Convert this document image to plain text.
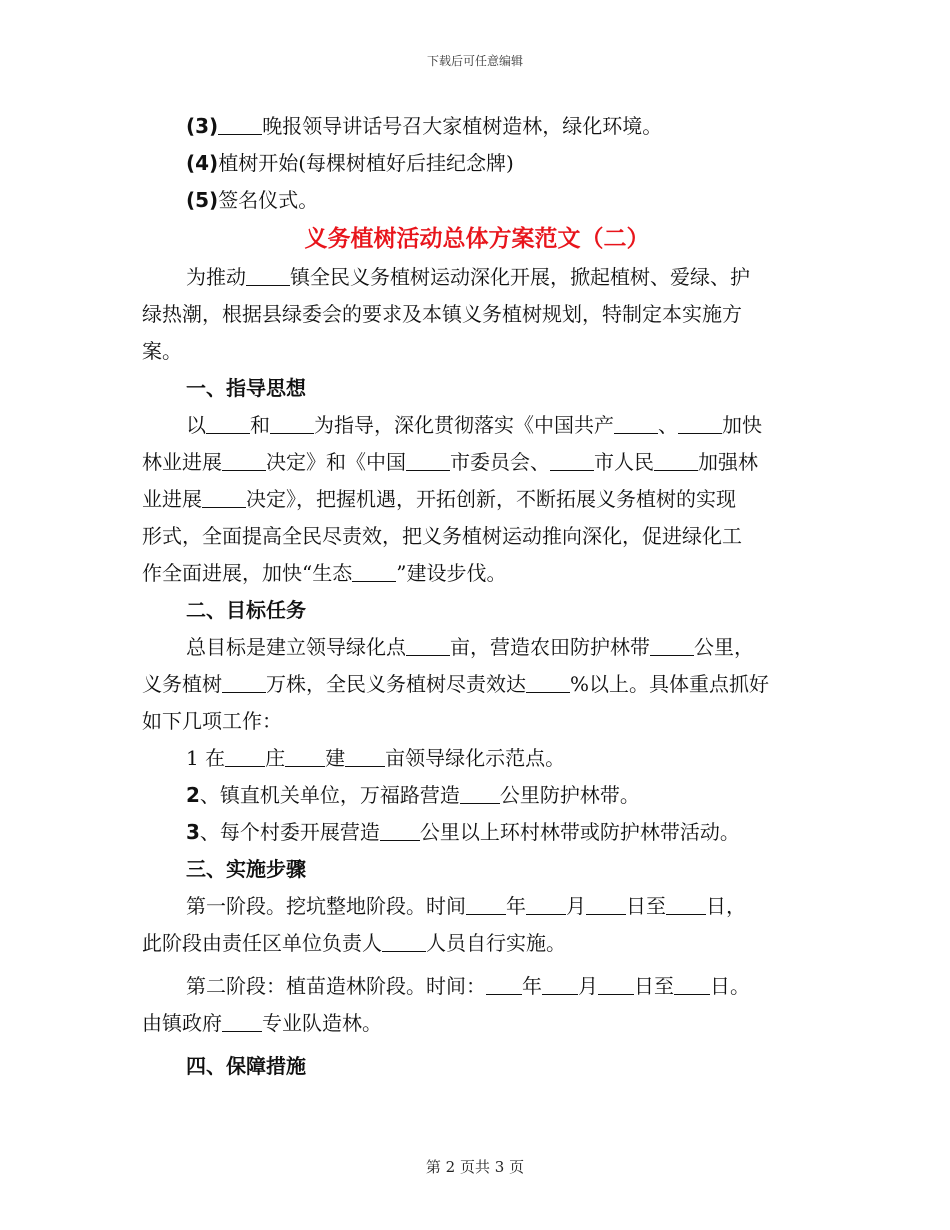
下载后可任意编辑
(3) 晚报领导讲话号召大家植树造林，绿化环境。
(4)植树开始(每棵树植好后挂纪念牌)
(5)签名仪式。
义务植树活动总体方案范文（二）
为推动 镇全民义务植树运动深化开展，掀起植树、爱绿、护
绿热潮，根据县绿委会的要求及本镇义务植树规划，特制定本实施方
案。
一、指导思想
以 和 为指导，深化贯彻落实《中国共产 、 加快
林业进展 决定》和《中国 市委员会、 市人民 加强林
业进展 决定》，把握机遇，开拓创新，不断拓展义务植树的实现
形式，全面提高全民尽责效，把义务植树运动推向深化，促进绿化工
作全面进展，加快“生态 ”建设步伐。
二、目标任务
总目标是建立领导绿化点 亩，营造农田防护林带 公里，
义务植树 万株，全民义务植树尽责效达 %以上。具体重点抓好
如下几项工作：
1 在 庄 建 亩领导绿化示范点。
2、镇直机关单位，万福路营造 公里防护林带。
3、每个村委开展营造 公里以上环村林带或防护林带活动。
三、实施步骤
第一阶段。挖坑整地阶段。时间 年 月 日至 日，
此阶段由责任区单位负责人 人员自行实施。
第二阶段：植苗造林阶段。时间： 年 月 日至 日。
由镇政府 专业队造林。
四、保障措施
第 2 页共 3 页
